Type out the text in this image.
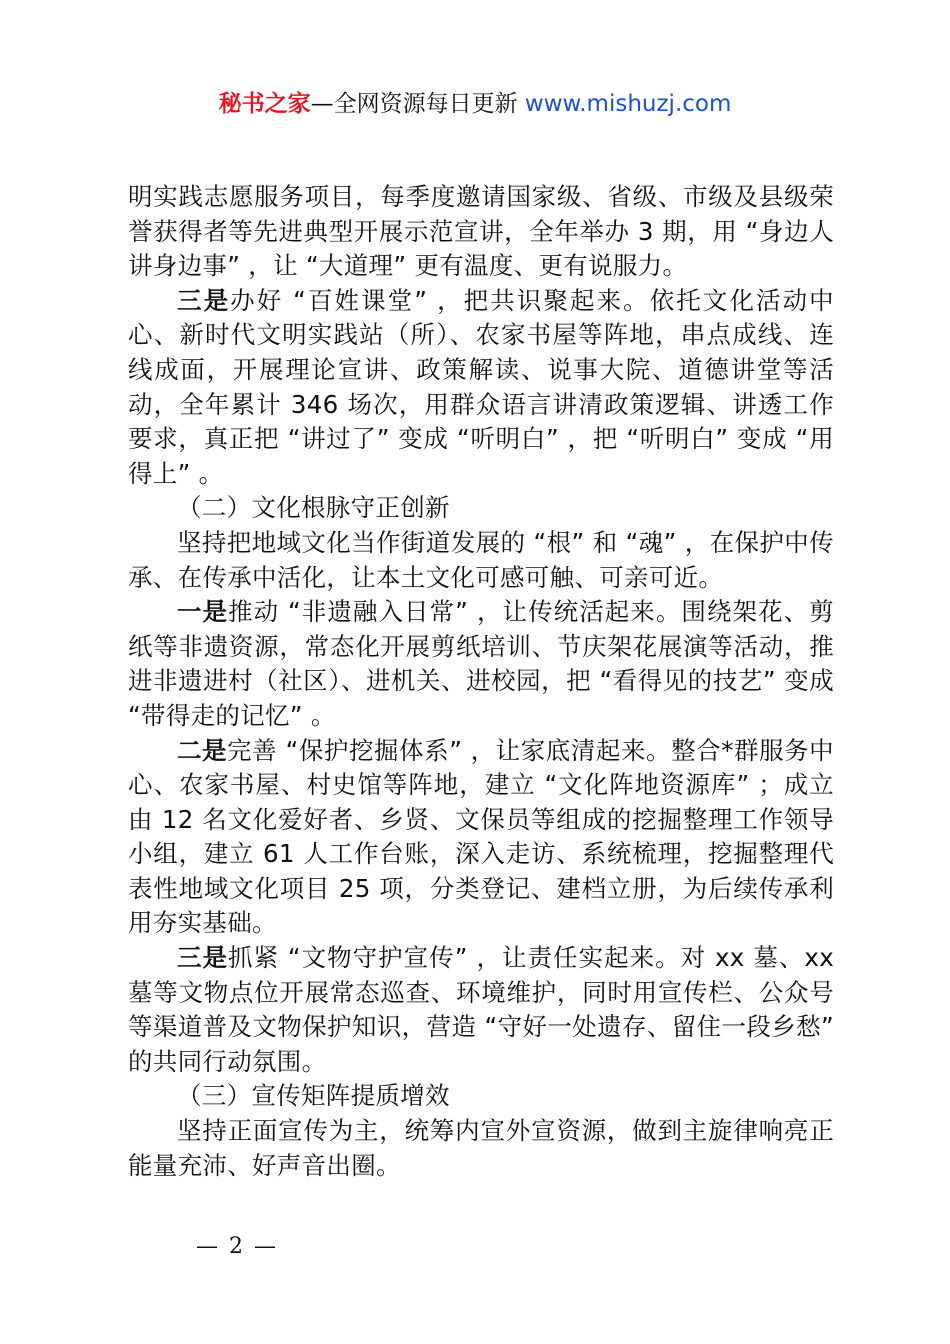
秘书之家—全网资源每日更新 www.mishuzj.com

明实践志愿服务项目，每季度邀请国家级、省级、市级及县级荣誉获得者等先进典型开展示范宣讲，全年举办 3 期，用 “身边人讲身边事” ，让 “大道理” 更有温度、更有说服力。

三是办好 “百姓课堂” ，把共识聚起来。依托文化活动中心、新时代文明实践站（所）、农家书屋等阵地，串点成线、连线成面，开展理论宣讲、政策解读、说事大院、道德讲堂等活动，全年累计 346 场次，用群众语言讲清政策逻辑、讲透工作要求，真正把 “讲过了” 变成 “听明白” ，把 “听明白” 变成 “用得上” 。

（二）文化根脉守正创新

坚持把地域文化当作街道发展的 “根” 和 “魂” ，在保护中传承、在传承中活化，让本土文化可感可触、可亲可近。

一是推动 “非遗融入日常” ，让传统活起来。围绕架花、剪纸等非遗资源，常态化开展剪纸培训、节庆架花展演等活动，推进非遗进村（社区）、进机关、进校园，把 “看得见的技艺” 变成 “带得走的记忆” 。

二是完善 “保护挖掘体系” ，让家底清起来。整合*群服务中心、农家书屋、村史馆等阵地，建立 “文化阵地资源库” ；成立由 12 名文化爱好者、乡贤、文保员等组成的挖掘整理工作领导小组，建立 61 人工作台账，深入走访、系统梳理，挖掘整理代表性地域文化项目 25 项，分类登记、建档立册，为后续传承利用夯实基础。

三是抓紧 “文物守护宣传” ，让责任实起来。对 xx 墓、xx 墓等文物点位开展常态巡查、环境维护，同时用宣传栏、公众号等渠道普及文物保护知识，营造 “守好一处遗存、留住一段乡愁” 的共同行动氛围。

（三）宣传矩阵提质增效

坚持正面宣传为主，统筹内宣外宣资源，做到主旋律响亮正能量充沛、好声音出圈。

— 2 —
